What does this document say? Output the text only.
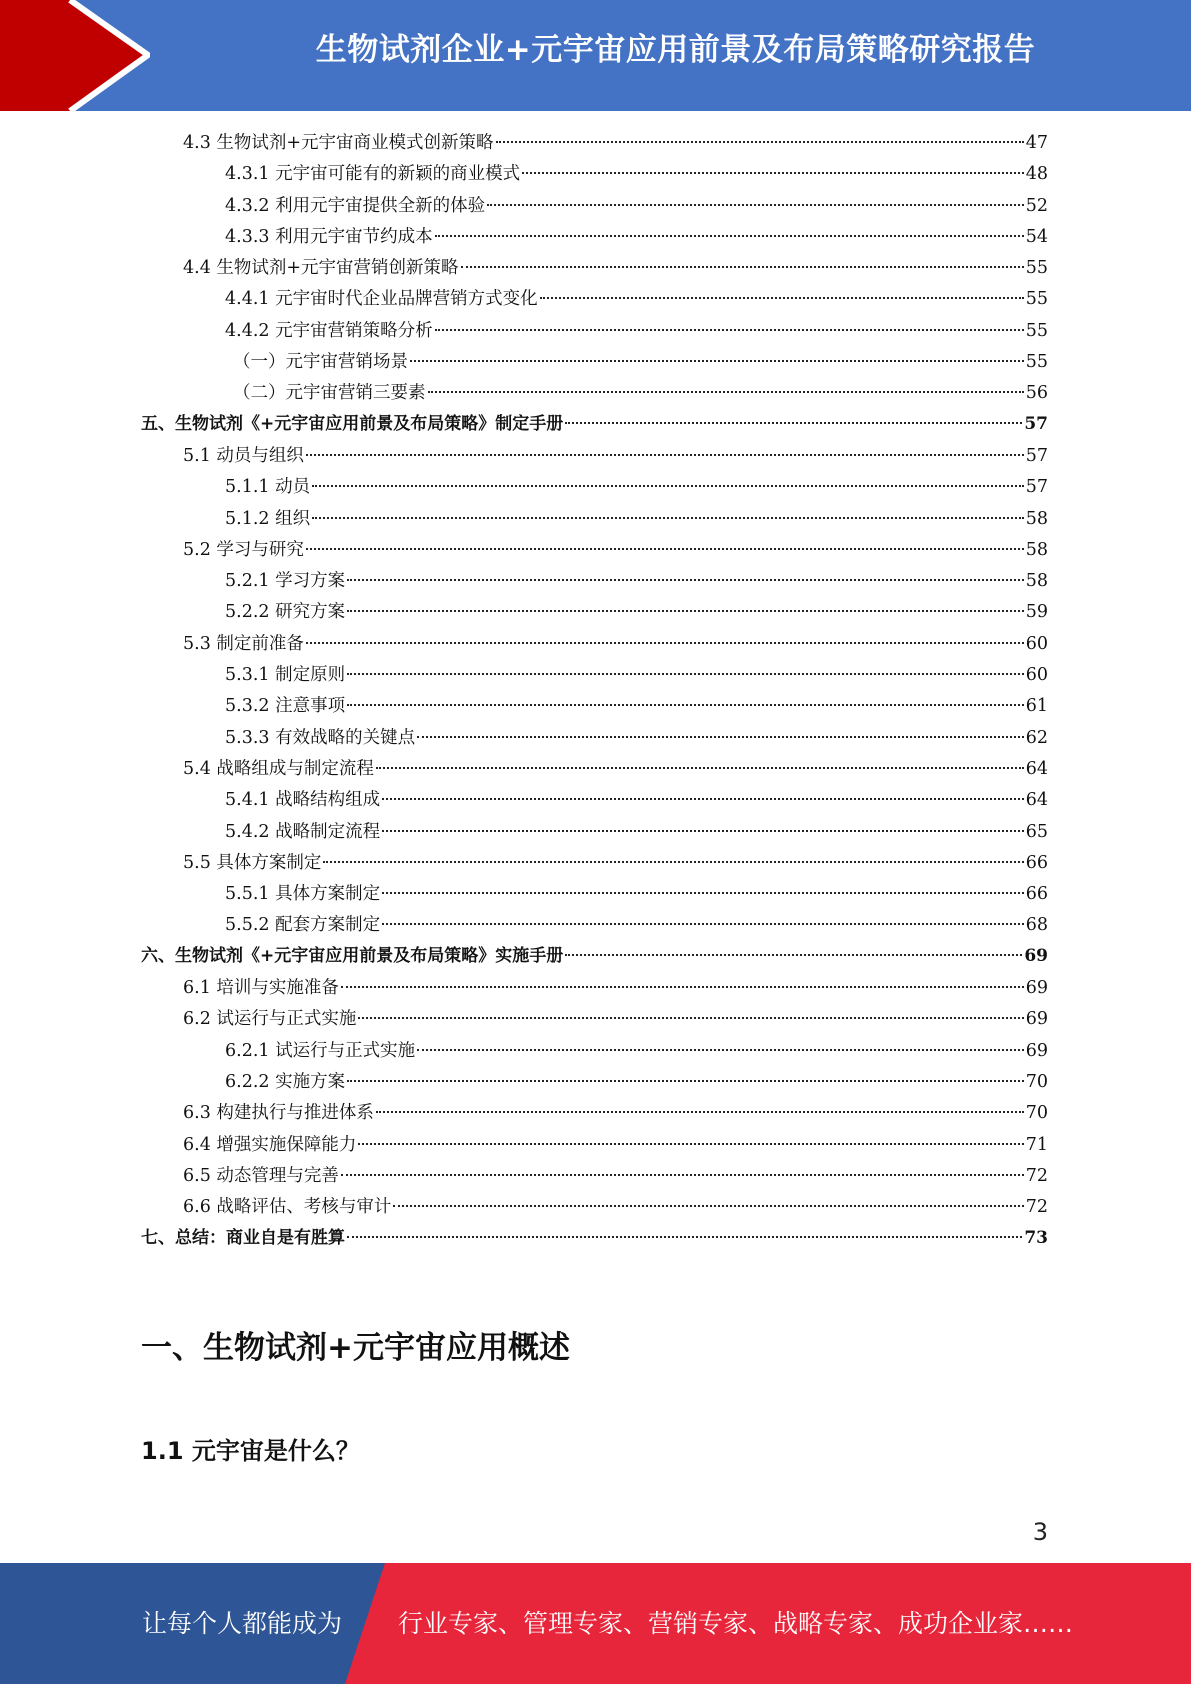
生物试剂企业+元宇宙应用前景及布局策略研究报告
4.3 生物试剂+元宇宙商业模式创新策略	47
4.3.1 元宇宙可能有的新颖的商业模式	48
4.3.2 利用元宇宙提供全新的体验	52
4.3.3 利用元宇宙节约成本	54
4.4 生物试剂+元宇宙营销创新策略	55
4.4.1 元宇宙时代企业品牌营销方式变化	55
4.4.2 元宇宙营销策略分析	55
（一）元宇宙营销场景	55
（二）元宇宙营销三要素	56
五、生物试剂《+元宇宙应用前景及布局策略》制定手册	57
5.1 动员与组织	57
5.1.1 动员	57
5.1.2 组织	58
5.2 学习与研究	58
5.2.1 学习方案	58
5.2.2 研究方案	59
5.3 制定前准备	60
5.3.1 制定原则	60
5.3.2 注意事项	61
5.3.3 有效战略的关键点	62
5.4 战略组成与制定流程	64
5.4.1 战略结构组成	64
5.4.2 战略制定流程	65
5.5 具体方案制定	66
5.5.1 具体方案制定	66
5.5.2 配套方案制定	68
六、生物试剂《+元宇宙应用前景及布局策略》实施手册	69
6.1 培训与实施准备	69
6.2 试运行与正式实施	69
6.2.1 试运行与正式实施	69
6.2.2 实施方案	70
6.3 构建执行与推进体系	70
6.4 增强实施保障能力	71
6.5 动态管理与完善	72
6.6 战略评估、考核与审计	72
七、总结：商业自是有胜算	73
一、生物试剂+元宇宙应用概述
1.1 元宇宙是什么？
3
让每个人都能成为 行业专家、管理专家、营销专家、战略专家、成功企业家……
